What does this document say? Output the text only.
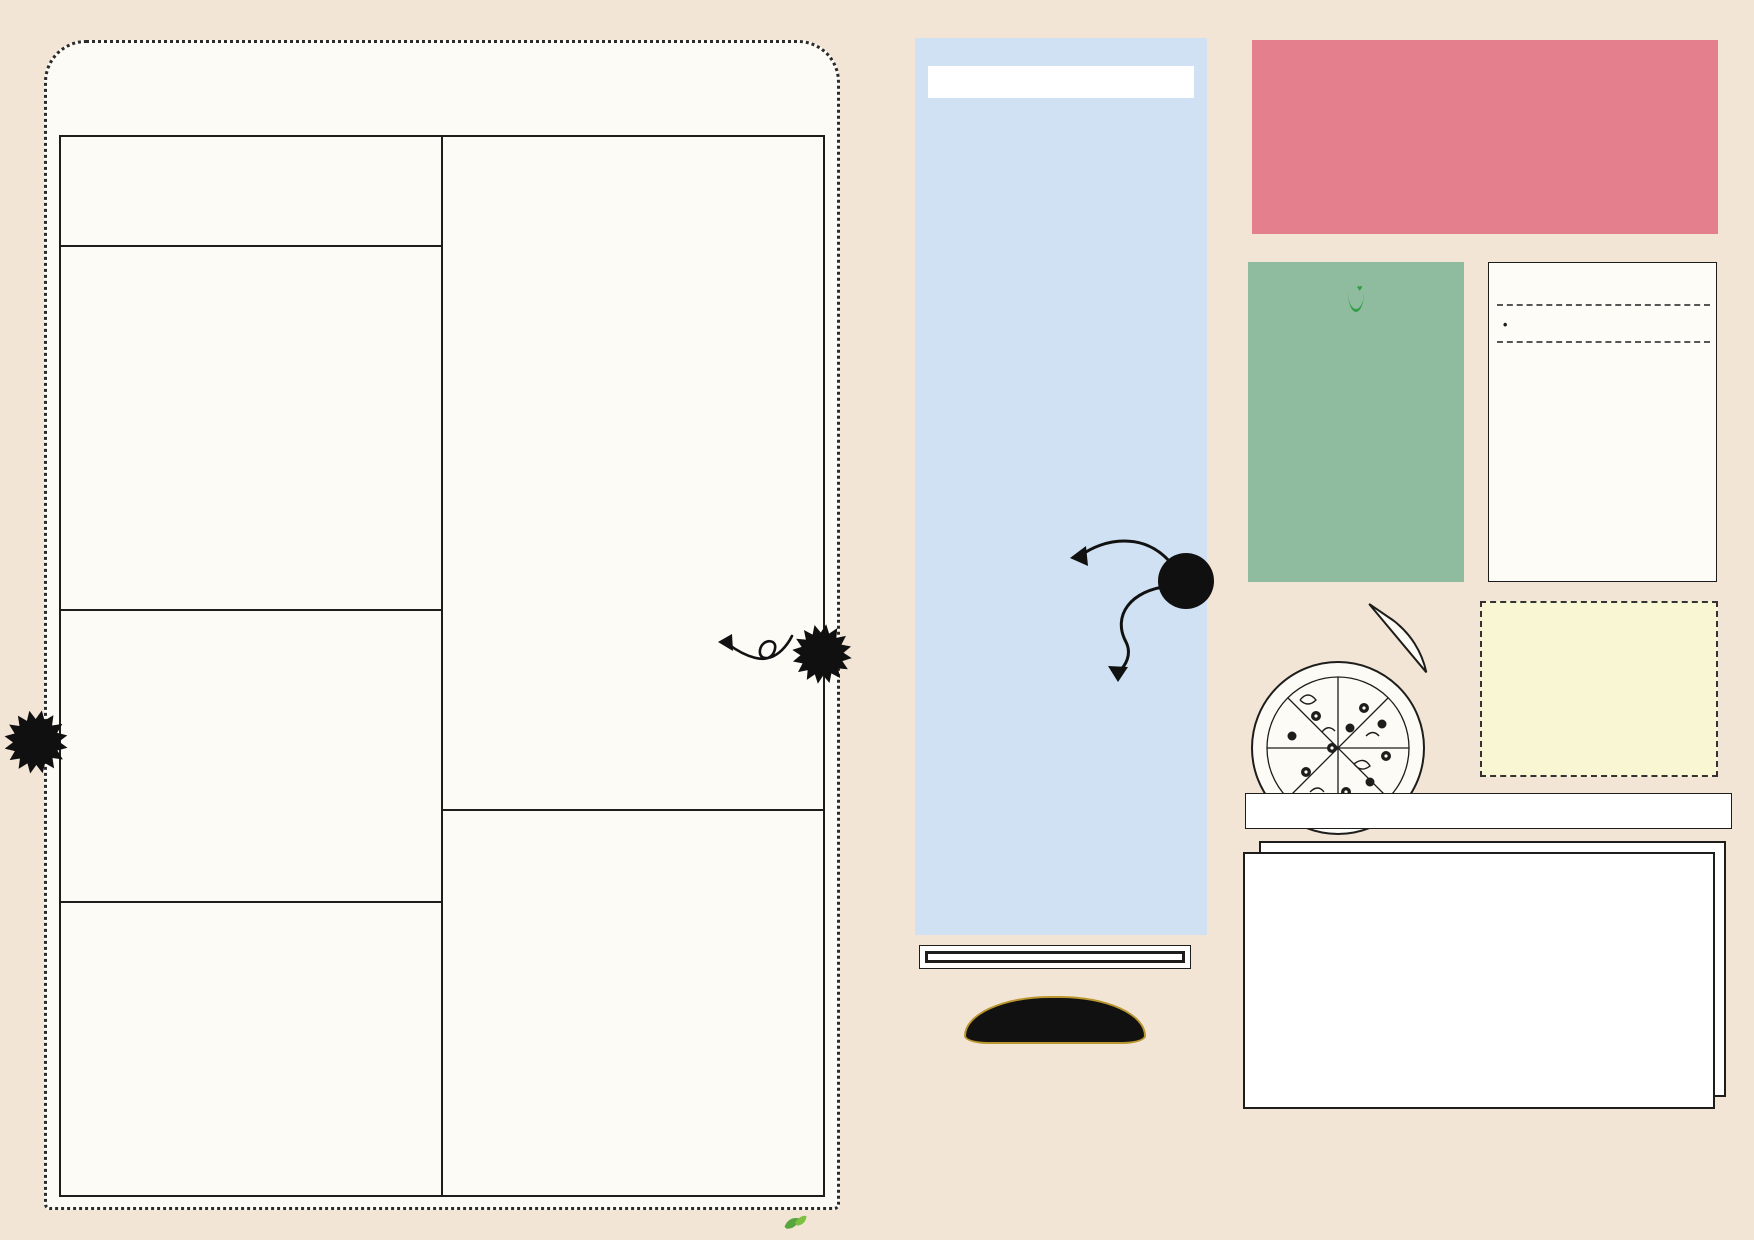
♥
•
